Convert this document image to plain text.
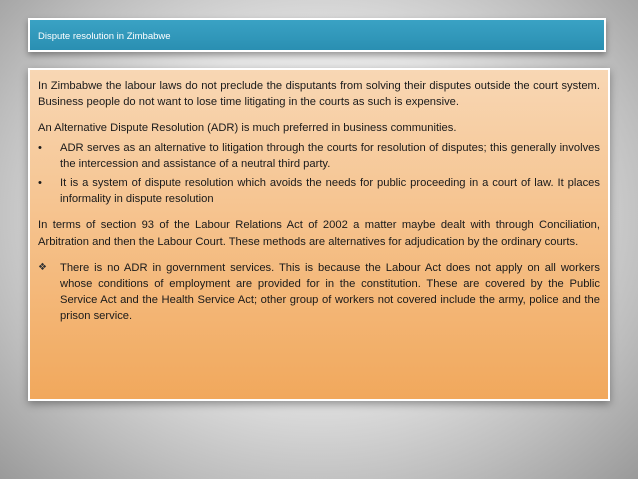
Dispute resolution in Zimbabwe

In Zimbabwe the labour laws do not preclude the disputants from solving their disputes outside the court system. Business people do not want to lose time litigating in the courts as such is expensive.

An Alternative Dispute Resolution (ADR) is much preferred in business communities.

•	ADR serves as an alternative to litigation through the courts for resolution of disputes; this generally involves the intercession and assistance of a neutral third party.
•	It is a system of dispute resolution which avoids the needs for public proceeding in a court of law. It places informality in dispute resolution

In terms of section 93 of the Labour Relations Act of 2002 a matter maybe dealt with through Conciliation, Arbitration and then the Labour Court. These methods are alternatives for adjudication by the ordinary courts.

❖	There is no ADR in government services. This is because the Labour Act does not apply on all workers whose conditions of employment are provided for in the constitution. These are covered by the Public Service Act and the Health Service Act; other group of workers not covered include the army, police and the prison service.
